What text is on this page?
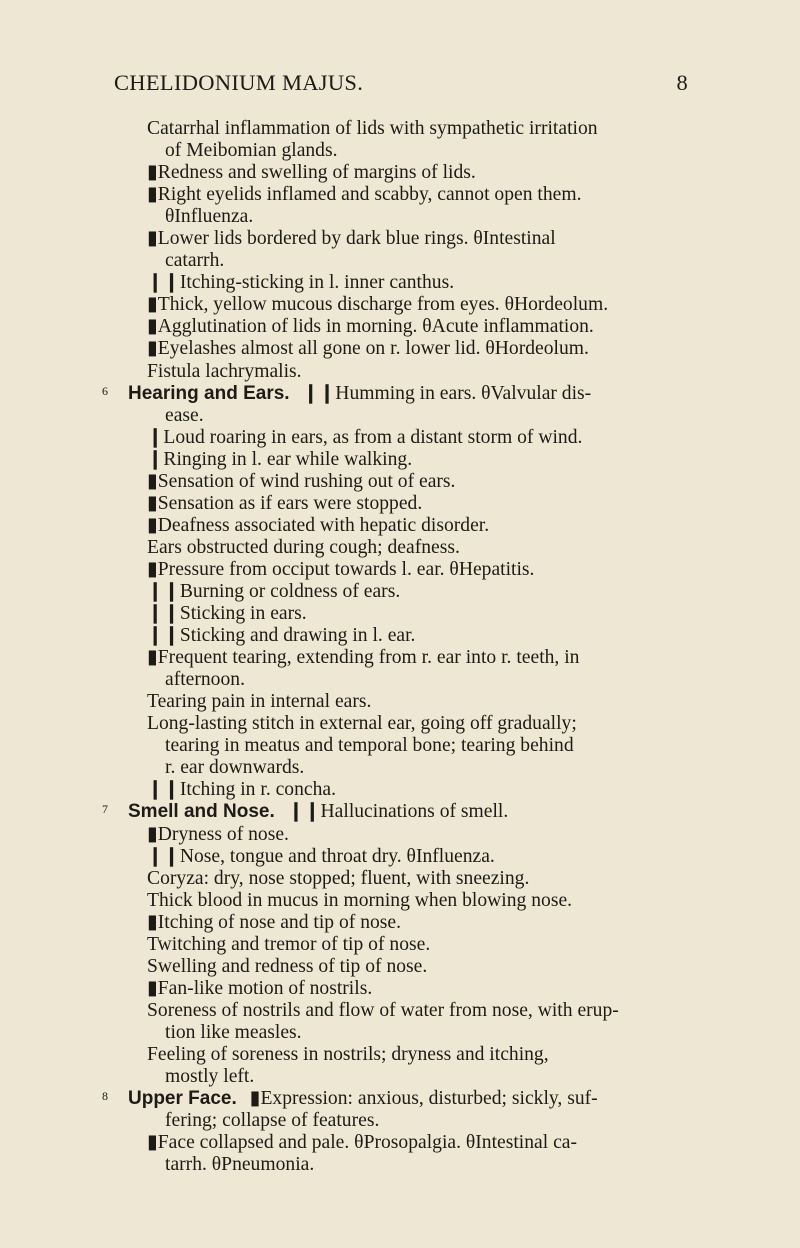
CHELIDONIUM MAJUS.	8
Catarrhal inflammation of lids with sympathetic irritation
of Meibomian glands.
▮Redness and swelling of margins of lids.
▮Right eyelids inflamed and scabby, cannot open them.
θInfluenza.
▮Lower lids bordered by dark blue rings. θIntestinal
catarrh.
❙❙Itching-sticking in l. inner canthus.
▮Thick, yellow mucous discharge from eyes. θHordeolum.
▮Agglutination of lids in morning. θAcute inflammation.
▮Eyelashes almost all gone on r. lower lid. θHordeolum.
Fistula lachrymalis.
6 Hearing and Ears. ❙❙Humming in ears. θValvular dis-
ease.
❙Loud roaring in ears, as from a distant storm of wind.
❙Ringing in l. ear while walking.
▮Sensation of wind rushing out of ears.
▮Sensation as if ears were stopped.
▮Deafness associated with hepatic disorder.
Ears obstructed during cough; deafness.
▮Pressure from occiput towards l. ear. θHepatitis.
❙❙Burning or coldness of ears.
❙❙Sticking in ears.
❙❙Sticking and drawing in l. ear.
▮Frequent tearing, extending from r. ear into r. teeth, in
afternoon.
Tearing pain in internal ears.
Long-lasting stitch in external ear, going off gradually;
tearing in meatus and temporal bone; tearing behind
r. ear downwards.
❙❙Itching in r. concha.
7 Smell and Nose. ❙❙Hallucinations of smell.
▮Dryness of nose.
❙❙Nose, tongue and throat dry. θInfluenza.
Coryza: dry, nose stopped; fluent, with sneezing.
Thick blood in mucus in morning when blowing nose.
▮Itching of nose and tip of nose.
Twitching and tremor of tip of nose.
Swelling and redness of tip of nose.
▮Fan-like motion of nostrils.
Soreness of nostrils and flow of water from nose, with erup-
tion like measles.
Feeling of soreness in nostrils; dryness and itching,
mostly left.
8 Upper Face. ▮Expression: anxious, disturbed; sickly, suf-
fering; collapse of features.
▮Face collapsed and pale. θProsopalgia. θIntestinal ca-
tarrh. θPneumonia.
